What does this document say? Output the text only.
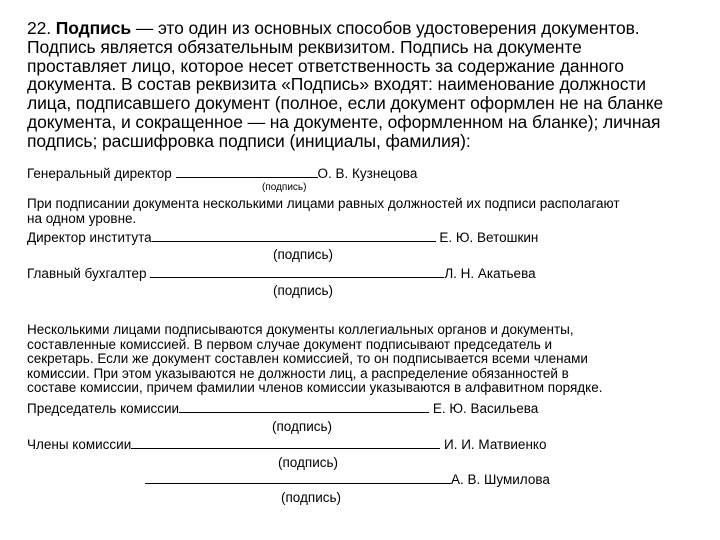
22. Подпись — это один из основных способов удостоверения документов.

Подпись является обязательным реквизитом. Подпись на документе

проставляет лицо, которое несет ответственность за содержание данного

документа. В состав реквизита «Подпись» входят: наименование должности

лица, подписавшего документ (полное, если документ оформлен не на бланке

документа, и сокращенное — на документе, оформленном на бланке); личная

подпись; расшифровка подписи (инициалы, фамилия):

Генеральный директор	О. В. Кузнецова
(подпись)

При подписании документа несколькими лицами равных должностей их подписи располагают

на одном уровне.

Директор института	Е. Ю. Ветошкин
(подпись)
Главный бухгалтер	Л. Н. Акатьева
(подпись)

Несколькими лицами подписываются документы коллегиальных органов и документы,

составленные комиссией. В первом случае документ подписывают председатель и

секретарь. Если же документ составлен комиссией, то он подписывается всеми членами

комиссии. При этом указываются не должности лиц, а распределение обязанностей в

составе комиссии, причем фамилии членов комиссии указываются в алфавитном порядке.

Председатель комиссии	Е. Ю. Васильева
(подпись)
Члены комиссии	И. И. Матвиенко
(подпись)
А. В. Шумилова
(подпись)
